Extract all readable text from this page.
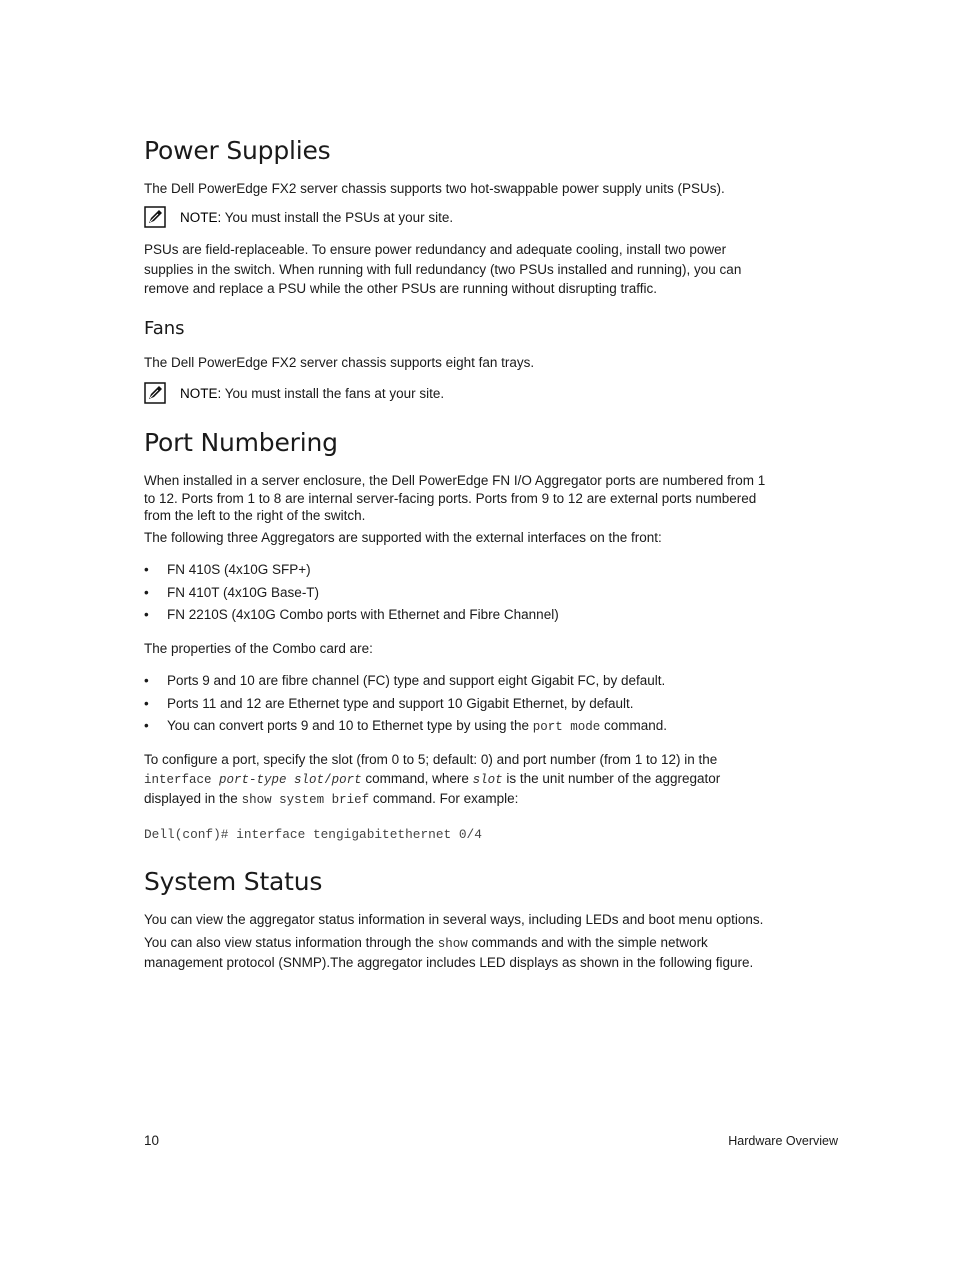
Power Supplies

The Dell PowerEdge FX2 server chassis supports two hot-swappable power supply units (PSUs).

NOTE: You must install the PSUs at your site.

PSUs are field-replaceable. To ensure power redundancy and adequate cooling, install two power

supplies in the switch. When running with full redundancy (two PSUs installed and running), you can

remove and replace a PSU while the other PSUs are running without disrupting traffic.

Fans

The Dell PowerEdge FX2 server chassis supports eight fan trays.

NOTE: You must install the fans at your site.
Port Numbering

When installed in a server enclosure, the Dell PowerEdge FN I/O Aggregator ports are numbered from 1

to 12. Ports from 1 to 8 are internal server-facing ports. Ports from 9 to 12 are external ports numbered

from the left to the right of the switch.

The following three Aggregators are supported with the external interfaces on the front:

• FN 410S (4x10G SFP+)
• FN 410T (4x10G Base-T)
• FN 2210S (4x10G Combo ports with Ethernet and Fibre Channel)

The properties of the Combo card are:

• Ports 9 and 10 are fibre channel (FC) type and support eight Gigabit FC, by default.
• Ports 11 and 12 are Ethernet type and support 10 Gigabit Ethernet, by default.
• You can convert ports 9 and 10 to Ethernet type by using the port mode command.

To configure a port, specify the slot (from 0 to 5; default: 0) and port number (from 1 to 12) in the

interface port-type slot/port command, where slot is the unit number of the aggregator

displayed in the show system brief command. For example:

Dell(conf)# interface tengigabitethernet 0/4

System Status

You can view the aggregator status information in several ways, including LEDs and boot menu options.

You can also view status information through the show commands and with the simple network

management protocol (SNMP).The aggregator includes LED displays as shown in the following figure.

10	Hardware Overview
